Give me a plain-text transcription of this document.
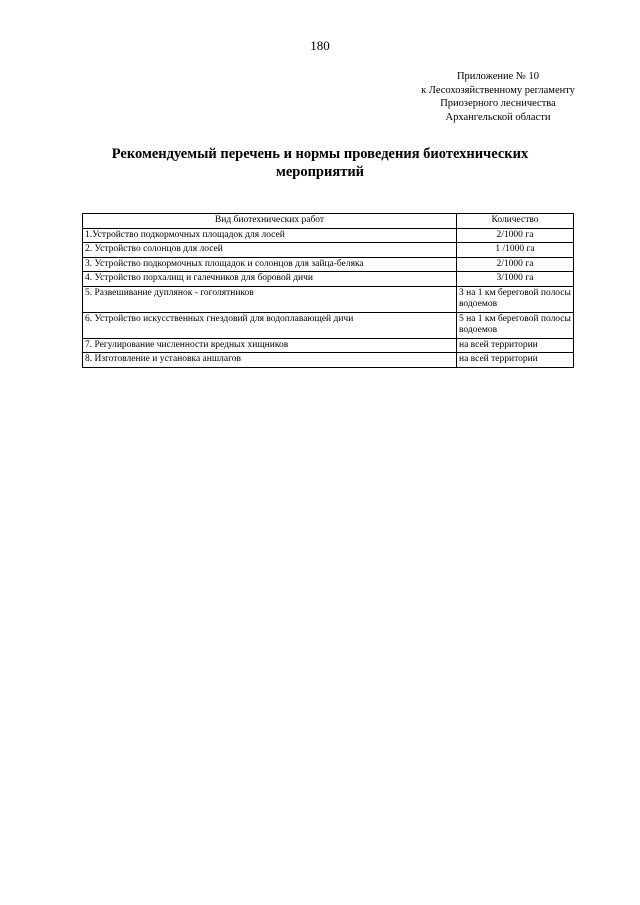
180
Приложение № 10
к Лесохозяйственному регламенту
Приозерного лесничества
Архангельской области
Рекомендуемый перечень и нормы проведения биотехнических
мероприятий
Вид биотехнических работ	Количество
1.Устройство подкормочных площадок для лосей	2/1000 га
2. Устройство солонцов для лосей	1 /1000 га
3. Устройство подкормочных площадок и солонцов для зайца-беляка	2/1000 га
4. Устройство порхалищ и галечников для боровой дичи	3/1000 га
5. Развешивание дуплянок - гоголятников	3 на 1 км береговой полосы водоемов
6. Устройство искусственных гнездовий для водоплавающей дичи	5 на 1 км береговой полосы водоемов
7. Регулирование численности вредных хищников	на всей территории
8. Изготовление и установка аншлагов	на всей территории
